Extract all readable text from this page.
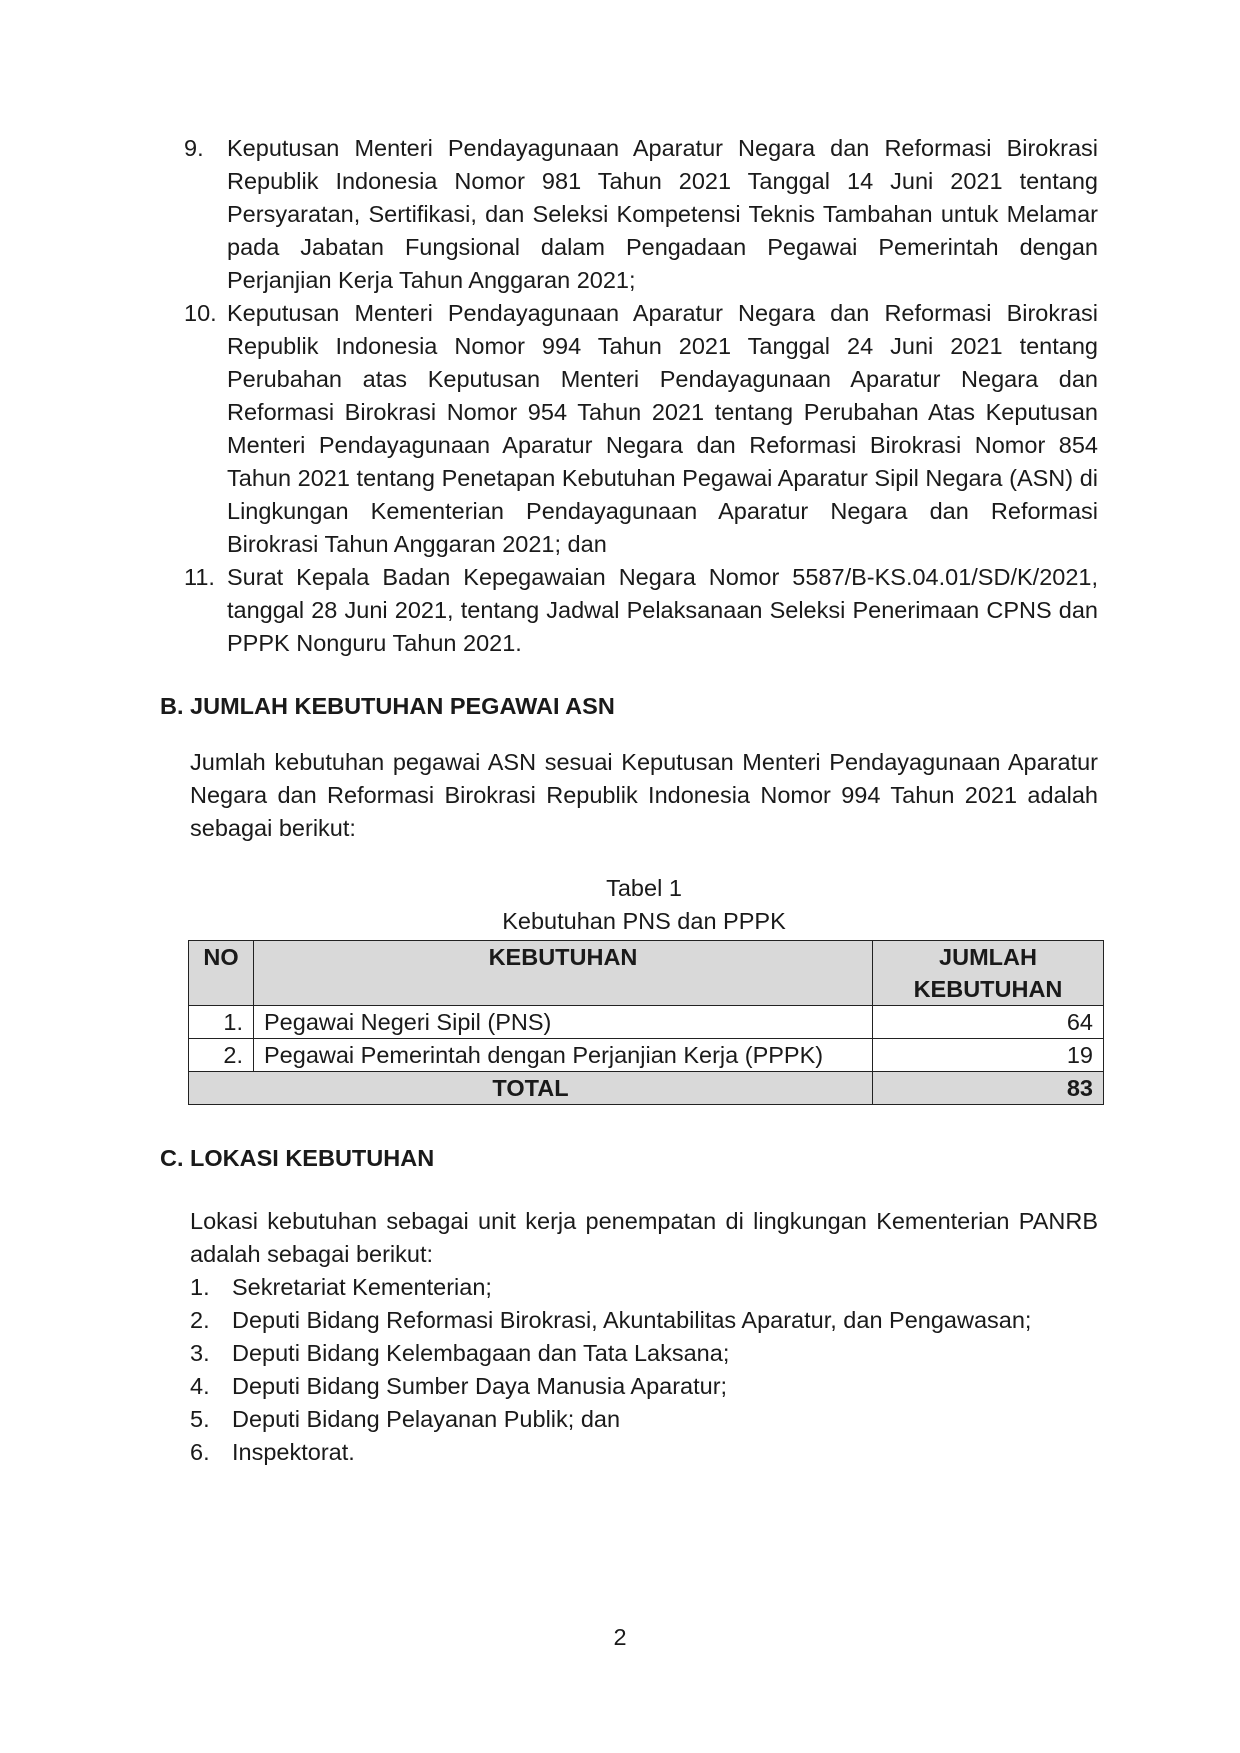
9. Keputusan Menteri Pendayagunaan Aparatur Negara dan Reformasi Birokrasi Republik Indonesia Nomor 981 Tahun 2021 Tanggal 14 Juni 2021 tentang Persyaratan, Sertifikasi, dan Seleksi Kompetensi Teknis Tambahan untuk Melamar pada Jabatan Fungsional dalam Pengadaan Pegawai Pemerintah dengan Perjanjian Kerja Tahun Anggaran 2021;
10. Keputusan Menteri Pendayagunaan Aparatur Negara dan Reformasi Birokrasi Republik Indonesia Nomor 994 Tahun 2021 Tanggal 24 Juni 2021 tentang Perubahan atas Keputusan Menteri Pendayagunaan Aparatur Negara dan Reformasi Birokrasi Nomor 954 Tahun 2021 tentang Perubahan Atas Keputusan Menteri Pendayagunaan Aparatur Negara dan Reformasi Birokrasi Nomor 854 Tahun 2021 tentang Penetapan Kebutuhan Pegawai Aparatur Sipil Negara (ASN) di Lingkungan Kementerian Pendayagunaan Aparatur Negara dan Reformasi Birokrasi Tahun Anggaran 2021; dan
11. Surat Kepala Badan Kepegawaian Negara Nomor 5587/B-KS.04.01/SD/K/2021, tanggal 28 Juni 2021, tentang Jadwal Pelaksanaan Seleksi Penerimaan CPNS dan PPPK Nonguru Tahun 2021.
B. JUMLAH KEBUTUHAN PEGAWAI ASN
Jumlah kebutuhan pegawai ASN sesuai Keputusan Menteri Pendayagunaan Aparatur Negara dan Reformasi Birokrasi Republik Indonesia Nomor 994 Tahun 2021 adalah sebagai berikut:
Tabel 1
Kebutuhan PNS dan PPPK
NO	KEBUTUHAN	JUMLAH
KEBUTUHAN

1.	Pegawai Negeri Sipil (PNS)	64
2.	Pegawai Pemerintah dengan Perjanjian Kerja (PPPK)	19
TOTAL		83
C. LOKASI KEBUTUHAN
Lokasi kebutuhan sebagai unit kerja penempatan di lingkungan Kementerian PANRB adalah sebagai berikut:
1. Sekretariat Kementerian;
2. Deputi Bidang Reformasi Birokrasi, Akuntabilitas Aparatur, dan Pengawasan;
3. Deputi Bidang Kelembagaan dan Tata Laksana;
4. Deputi Bidang Sumber Daya Manusia Aparatur;
5. Deputi Bidang Pelayanan Publik; dan
6. Inspektorat.
2
